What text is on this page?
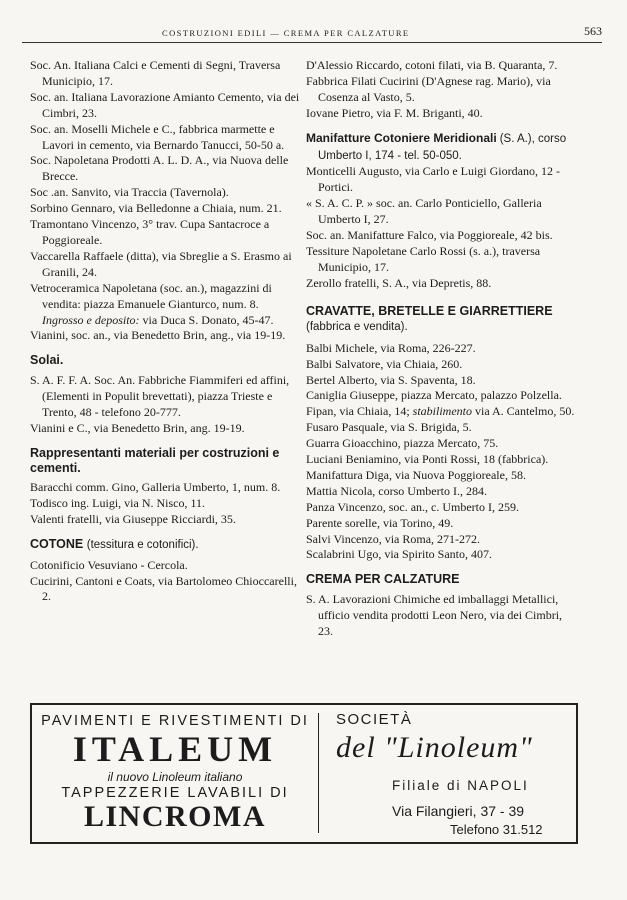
COSTRUZIONI EDILI — CREMA PER CALZATURE	563

Soc. An. Italiana Calci e Cementi di Segni, Traversa Municipio, 17.

Soc. an. Italiana Lavorazione Amianto Cemento, via dei Cimbri, 23.

Soc. an. Moselli Michele e C., fabbrica marmette e Lavori in cemento, via Bernardo Tanucci, 50-50 a.

Soc. Napoletana Prodotti A. L. D. A., via Nuova delle Brecce.

Soc .an. Sanvito, via Traccia (Tavernola).

Sorbino Gennaro, via Belledonne a Chiaia, num. 21.

Tramontano Vincenzo, 3° trav. Cupa Santacroce a Poggioreale.

Vaccarella Raffaele (ditta), via Sbreglie a S. Erasmo ai Granili, 24.

Vetroceramica Napoletana (soc. an.), magazzini di vendita: piazza Emanuele Gianturco, num. 8. Ingrosso e deposito: via Duca S. Donato, 45-47.

Vianini, soc. an., via Benedetto Brin, ang., via 19-19.

Solai.

S. A. F. F. A. Soc. An. Fabbriche Fiammiferi ed affini, (Elementi in Populit brevettati), piazza Trieste e Trento, 48 - telefono 20-777.

Vianini e C., via Benedetto Brin, ang. 19-19.

Rappresentanti materiali per costruzioni e cementi.

Baracchi comm. Gino, Galleria Umberto, 1, num. 8.

Todisco ing. Luigi, via N. Nisco, 11.

Valenti fratelli, via Giuseppe Ricciardi, 35.

COTONE (tessitura e cotonifici).

Cotonificio Vesuviano - Cercola.

Cucirini, Cantoni e Coats, via Bartolomeo Chioccarelli, 2.

D'Alessio Riccardo, cotoni filati, via B. Quaranta, 7.

Fabbrica Filati Cucirini (D'Agnese rag. Mario), via Cosenza al Vasto, 5.

Iovane Pietro, via F. M. Briganti, 40.

Manifatture Cotoniere Meridionali (S. A.), corso Umberto I, 174 - tel. 50-050.

Monticelli Augusto, via Carlo e Luigi Giordano, 12 - Portici.

« S. A. C. P. » soc. an. Carlo Ponticiello, Galleria Umberto I, 27.

Soc. an. Manifatture Falco, via Poggioreale, 42 bis.

Tessiture Napoletane Carlo Rossi (s. a.), traversa Municipio, 17.

Zerollo fratelli, S. A., via Depretis, 88.

CRAVATTE, BRETELLE E GIARRETTIERE
(fabbrica e vendita).

Balbi Michele, via Roma, 226-227.

Balbi Salvatore, via Chiaia, 260.

Bertel Alberto, via S. Spaventa, 18.

Caniglia Giuseppe, piazza Mercato, palazzo Polzella.

Fipan, via Chiaia, 14; stabilimento via A. Cantelmo, 50.

Fusaro Pasquale, via S. Brigida, 5.

Guarra Gioacchino, piazza Mercato, 75.

Luciani Beniamino, via Ponti Rossi, 18 (fabbrica).

Manifattura Diga, via Nuova Poggioreale, 58.

Mattia Nicola, corso Umberto I., 284.

Panza Vincenzo, soc. an., c. Umberto I, 259.

Parente sorelle, via Torino, 49.

Salvi Vincenzo, via Roma, 271-272.

Scalabrini Ugo, via Spirito Santo, 407.

CREMA PER CALZATURE

S. A. Lavorazioni Chimiche ed imballaggi Metallici, ufficio vendita prodotti Leon Nero, via dei Cimbri, 23.

PAVIMENTI E RIVESTIMENTI DI
ITALEUM
il nuovo Linoleum italiano
TAPPEZZERIE LAVABILI DI
LINCROMA
SOCIETÀ
del "Linoleum"
Filiale di NAPOLI
Via Filangieri, 37 - 39
Telefono 31.512
